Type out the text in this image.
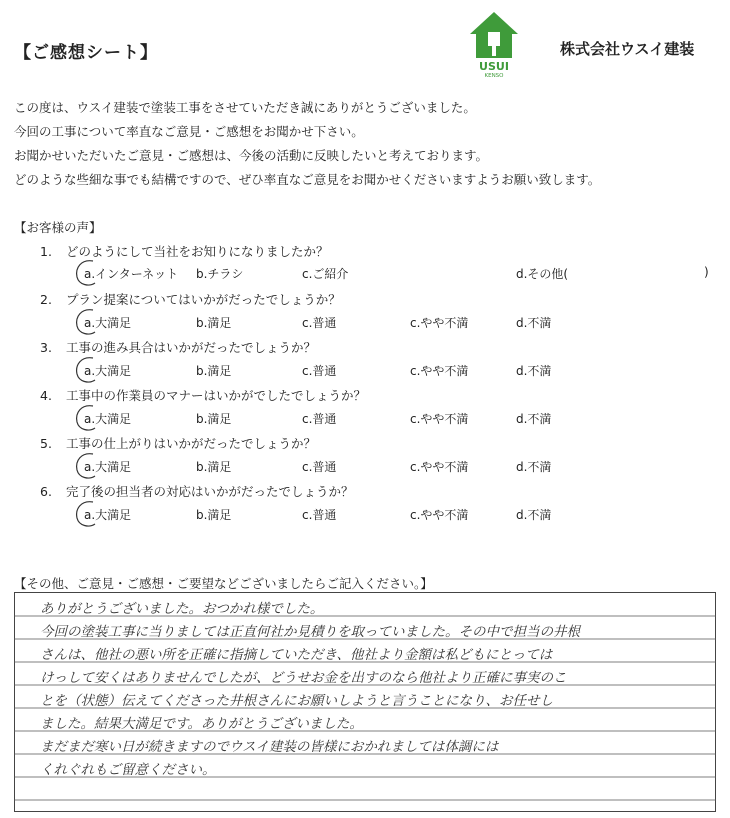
【ご感想シート】
USUI
KENSO
株式会社ウスイ建装

この度は、ウスイ建装で塗装工事をさせていただき誠にありがとうございました。

今回の工事について率直なご意見・ご感想をお聞かせ下さい。

お聞かせいただいたご意見・ご感想は、今後の活動に反映したいと考えております。

どのような些細な事でも結構ですので、ぜひ率直なご意見をお聞かせくださいますようお願い致します。

【お客様の声】
1. どのようにして当社をお知りになりましたか？
a.インターネット b.チラシ	c.ご紹介	d.その他(	)
2. プラン提案についてはいかがだったでしょうか？
a.大満足	b.満足	c.普通	c.やや不満	d.不満
3. 工事の進み具合はいかがだったでしょうか？
a.大満足	b.満足	c.普通	c.やや不満	d.不満
4. 工事中の作業員のマナーはいかがでしたでしょうか？
a.大満足	b.満足	c.普通	c.やや不満	d.不満
5. 工事の仕上がりはいかがだったでしょうか？
a.大満足	b.満足	c.普通	c.やや不満	d.不満
6. 完了後の担当者の対応はいかがだったでしょうか？
a.大満足	b.満足	c.普通	c.やや不満	d.不満
【その他、ご意見・ご感想・ご要望などございましたらご記入ください。】
ありがとうございました。おつかれ様でした。
今回の塗装工事に当りましては正直何社か見積りを取っていました。その中で担当の井根
さんは、他社の悪い所を正確に指摘していただき、他社より金額は私どもにとっては
けっして安くはありませんでしたが、どうせお金を出すのなら他社より正確に事実のこ
とを（状態）伝えてくださった井根さんにお願いしようと言うことになり、お任せし
ました。結果大満足です。ありがとうございました。
まだまだ寒い日が続きますのでウスイ建装の皆様におかれましては体調には
くれぐれもご留意ください。
